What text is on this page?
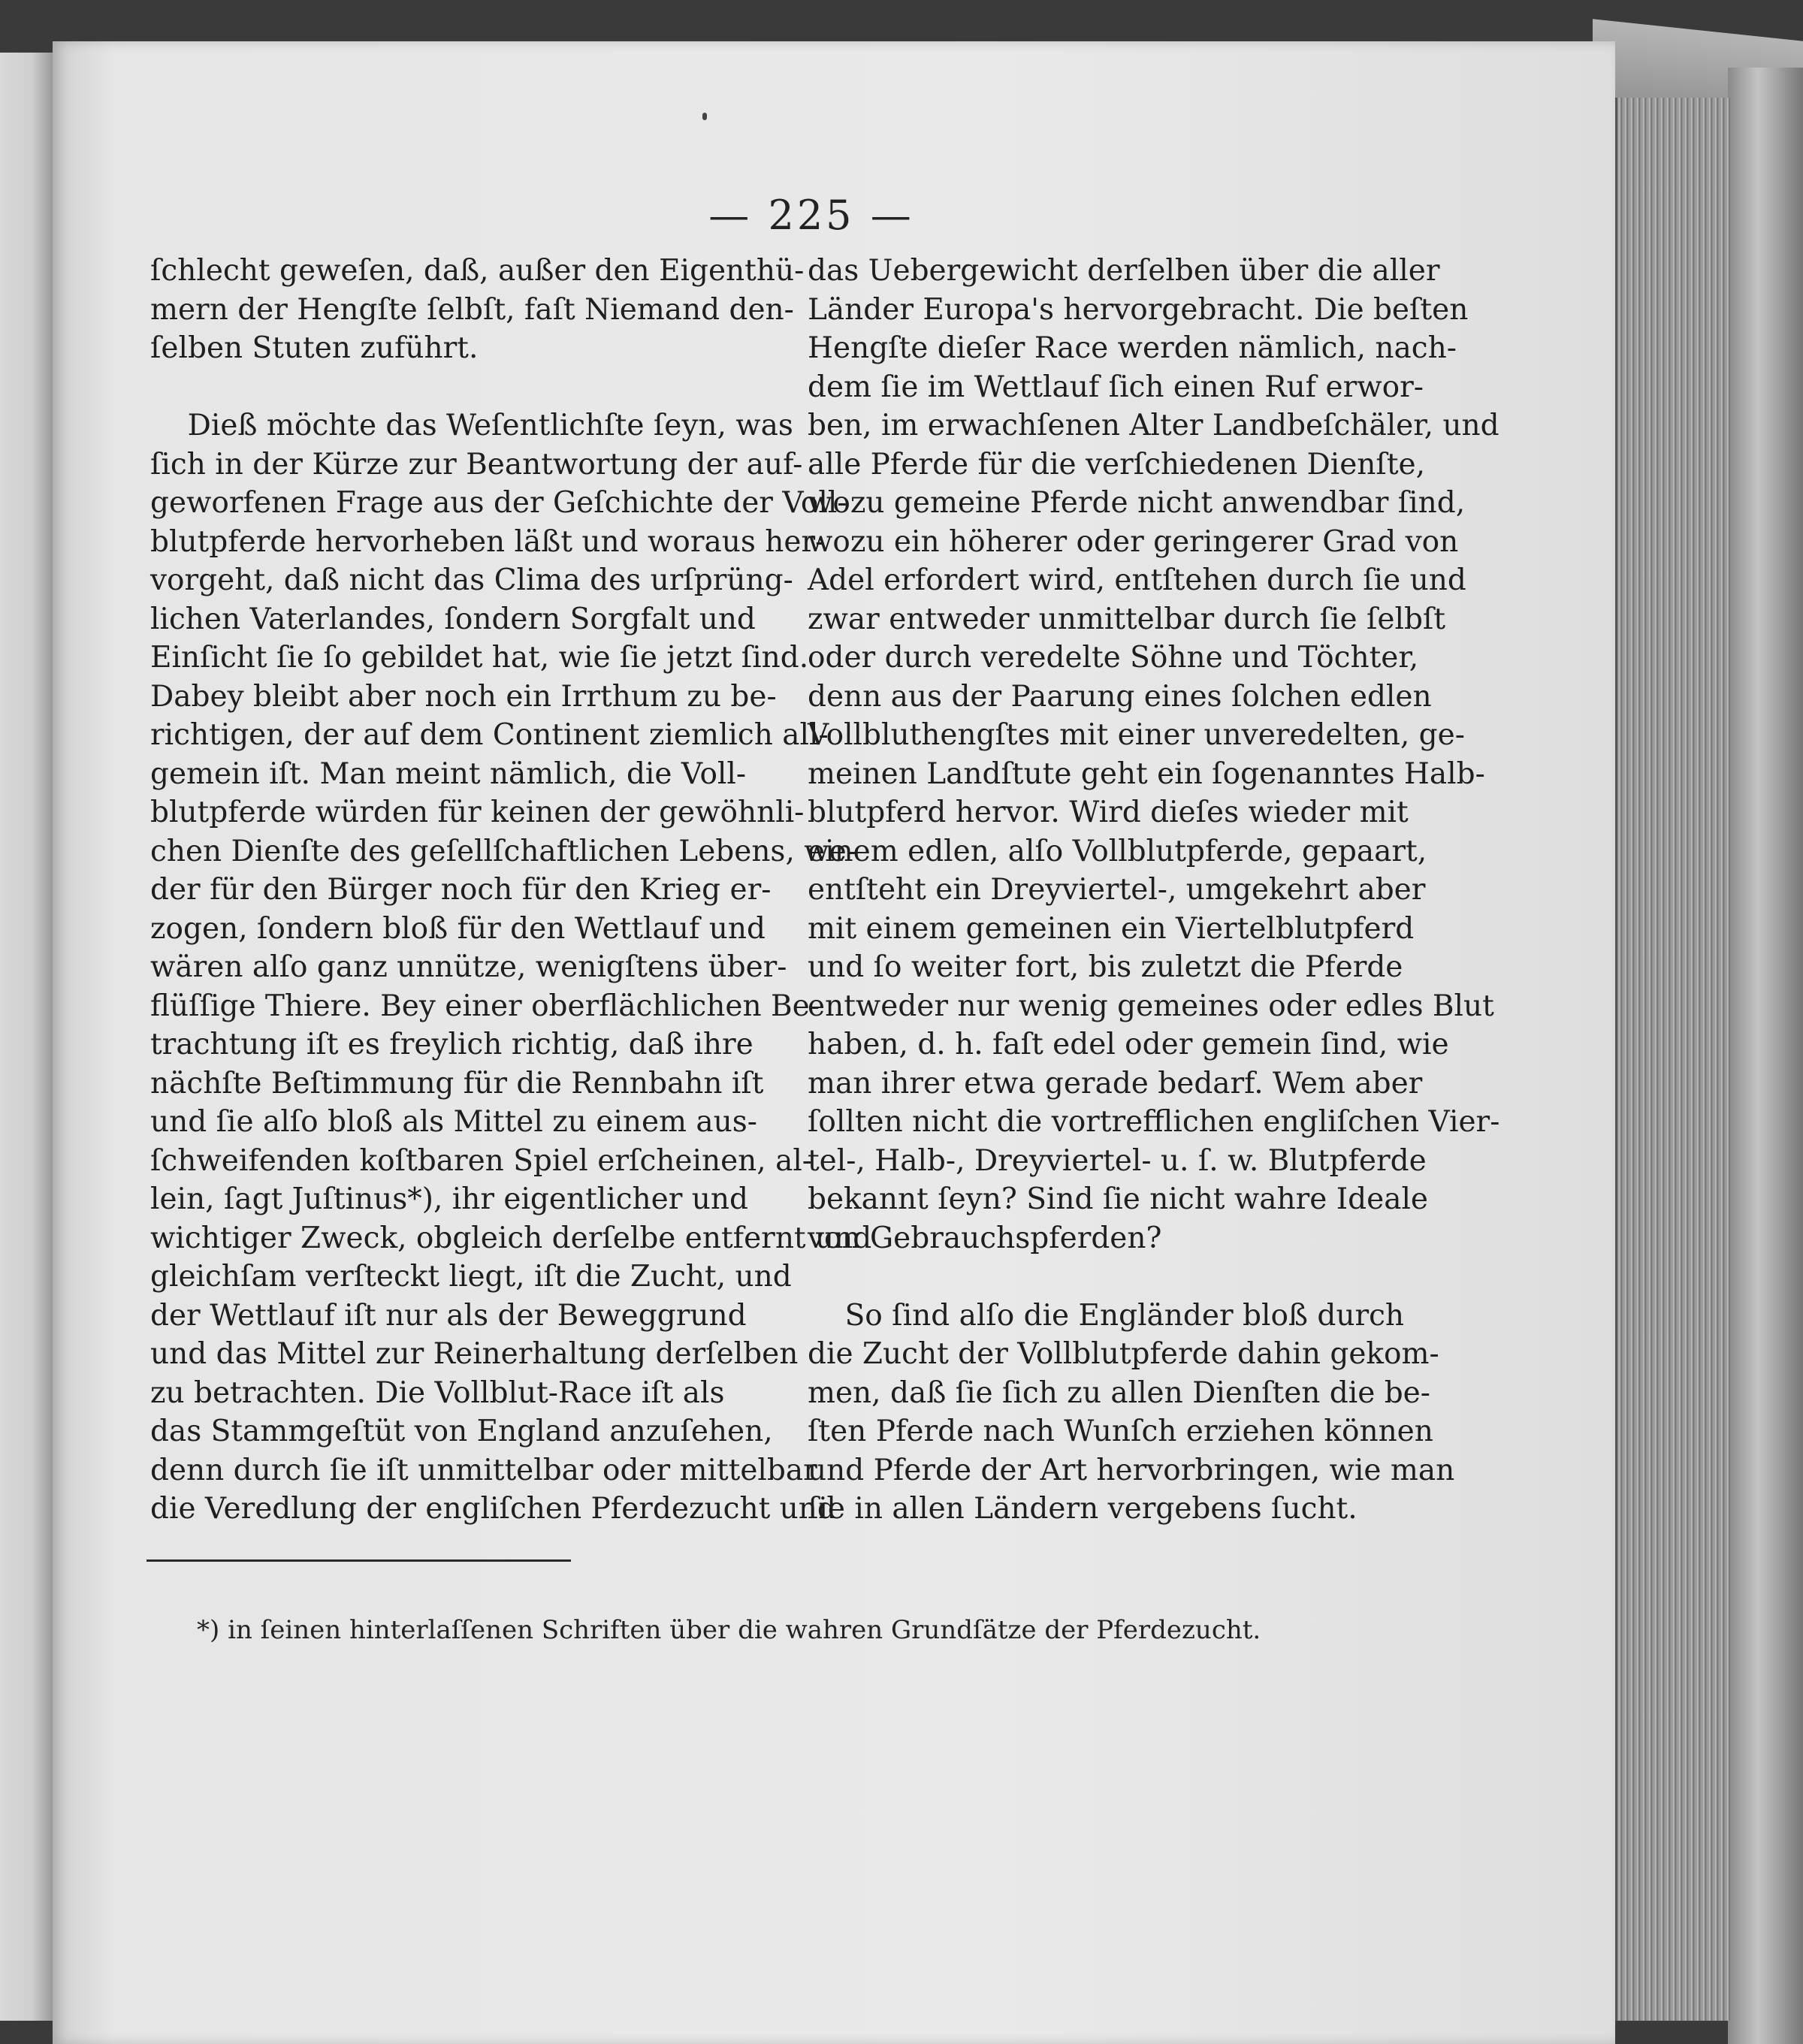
— 225 —
ſchlecht geweſen, daß, außer den Eigenthü-
mern der Hengſte ſelbſt, faſt Niemand den-
ſelben Stuten zuführt.
Dieß möchte das Weſentlichſte ſeyn, was
ſich in der Kürze zur Beantwortung der auf-
geworfenen Frage aus der Geſchichte der Voll-
blutpferde hervorheben läßt und woraus her-
vorgeht, daß nicht das Clima des urſprüng-
lichen Vaterlandes, ſondern Sorgfalt und
Einſicht ſie ſo gebildet hat, wie ſie jetzt ſind.
Dabey bleibt aber noch ein Irrthum zu be-
richtigen, der auf dem Continent ziemlich all-
gemein iſt. Man meint nämlich, die Voll-
blutpferde würden für keinen der gewöhnli-
chen Dienſte des geſellſchaftlichen Lebens, we-
der für den Bürger noch für den Krieg er-
zogen, ſondern bloß für den Wettlauf und
wären alſo ganz unnütze, wenigſtens über-
flüſſige Thiere. Bey einer oberflächlichen Be-
trachtung iſt es freylich richtig, daß ihre
nächſte Beſtimmung für die Rennbahn iſt
und ſie alſo bloß als Mittel zu einem aus-
ſchweifenden koſtbaren Spiel erſcheinen, al-
lein, ſagt Juſtinus*), ihr eigentlicher und
wichtiger Zweck, obgleich derſelbe entfernt und
gleichſam verſteckt liegt, iſt die Zucht, und
der Wettlauf iſt nur als der Beweggrund
und das Mittel zur Reinerhaltung derſelben
zu betrachten. Die Vollblut-Race iſt als
das Stammgeſtüt von England anzuſehen,
denn durch ſie iſt unmittelbar oder mittelbar
die Veredlung der engliſchen Pferdezucht und
das Uebergewicht derſelben über die aller
Länder Europa's hervorgebracht. Die beſten
Hengſte dieſer Race werden nämlich, nach-
dem ſie im Wettlauf ſich einen Ruf erwor-
ben, im erwachſenen Alter Landbeſchäler, und
alle Pferde für die verſchiedenen Dienſte,
wozu gemeine Pferde nicht anwendbar ſind,
wozu ein höherer oder geringerer Grad von
Adel erfordert wird, entſtehen durch ſie und
zwar entweder unmittelbar durch ſie ſelbſt
oder durch veredelte Söhne und Töchter,
denn aus der Paarung eines ſolchen edlen
Vollbluthengſtes mit einer unveredelten, ge-
meinen Landſtute geht ein ſogenanntes Halb-
blutpferd hervor. Wird dieſes wieder mit
einem edlen, alſo Vollblutpferde, gepaart,
entſteht ein Dreyviertel-, umgekehrt aber
mit einem gemeinen ein Viertelblutpferd
und ſo weiter fort, bis zuletzt die Pferde
entweder nur wenig gemeines oder edles Blut
haben, d. h. faſt edel oder gemein ſind, wie
man ihrer etwa gerade bedarf. Wem aber
ſollten nicht die vortrefflichen engliſchen Vier-
tel-, Halb-, Dreyviertel- u. ſ. w. Blutpferde
bekannt ſeyn? Sind ſie nicht wahre Ideale
von Gebrauchspferden?
So ſind alſo die Engländer bloß durch
die Zucht der Vollblutpferde dahin gekom-
men, daß ſie ſich zu allen Dienſten die be-
ſten Pferde nach Wunſch erziehen können
und Pferde der Art hervorbringen, wie man
ſie in allen Ländern vergebens ſucht.
*) in ſeinen hinterlaſſenen Schriften über die wahren Grundſätze der Pferdezucht.
